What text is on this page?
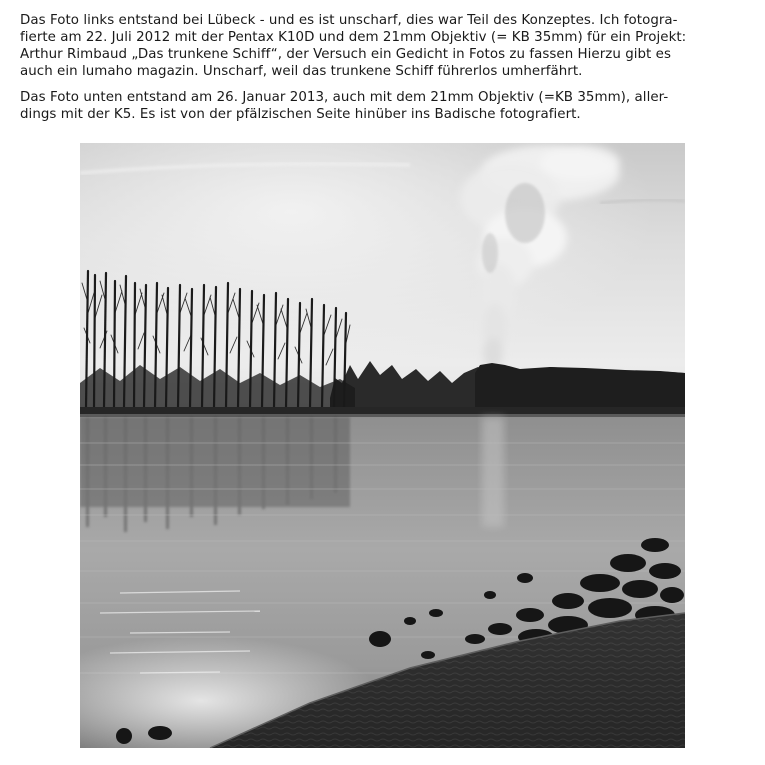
Das Foto links entstand bei Lübeck - und es ist unscharf, dies war Teil des Konzeptes. Ich fotogra-
fierte am 22. Juli 2012 mit der Pentax K10D und dem 21mm Objektiv (= KB 35mm) für ein Projekt:
Arthur Rimbaud „Das trunkene Schiff“, der Versuch ein Gedicht in Fotos zu fassen Hierzu gibt es
auch ein lumaho magazin. Unscharf, weil das trunkene Schiff führerlos umherfährt.

Das Foto unten entstand am 26. Januar 2013, auch mit dem 21mm Objektiv (=KB 35mm), aller-
dings mit der K5. Es ist von der pfälzischen Seite hinüber ins Badische fotografiert.
